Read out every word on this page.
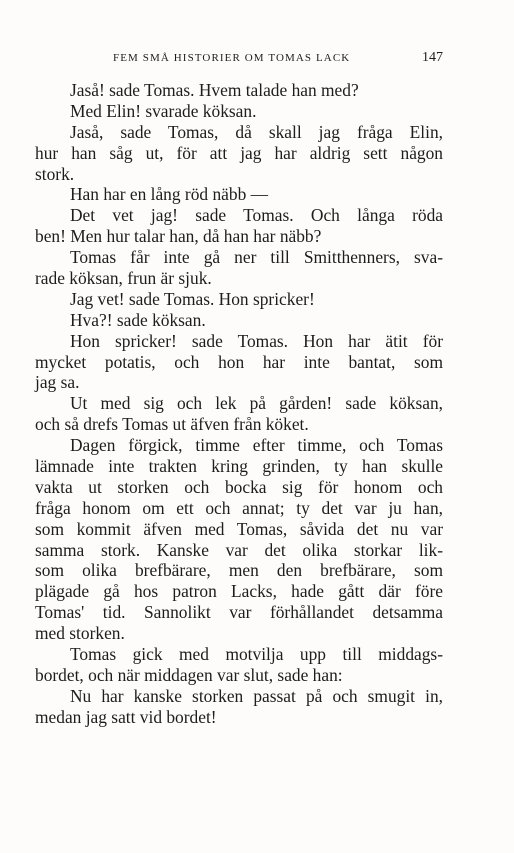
FEM SMÅ HISTORIER OM TOMAS LACK	147
Jaså! sade Tomas. Hvem talade han med?
Med Elin! svarade köksan.
Jaså, sade Tomas, då skall jag fråga Elin,
hur han såg ut, för att jag har aldrig sett någon
stork.
Han har en lång röd näbb —
Det vet jag! sade Tomas. Och långa röda
ben! Men hur talar han, då han har näbb?
Tomas får inte gå ner till Smitthenners, sva-
rade köksan, frun är sjuk.
Jag vet! sade Tomas. Hon spricker!
Hva?! sade köksan.
Hon spricker! sade Tomas. Hon har ätit för
mycket potatis, och hon har inte bantat, som
jag sa.
Ut med sig och lek på gården! sade köksan,
och så drefs Tomas ut äfven från köket.
Dagen förgick, timme efter timme, och Tomas
lämnade inte trakten kring grinden, ty han skulle
vakta ut storken och bocka sig för honom och
fråga honom om ett och annat; ty det var ju han,
som kommit äfven med Tomas, såvida det nu var
samma stork. Kanske var det olika storkar lik-
som olika brefbärare, men den brefbärare, som
plägade gå hos patron Lacks, hade gått där före
Tomas' tid. Sannolikt var förhållandet detsamma
med storken.
Tomas gick med motvilja upp till middags-
bordet, och när middagen var slut, sade han:
Nu har kanske storken passat på och smugit in,
medan jag satt vid bordet!
